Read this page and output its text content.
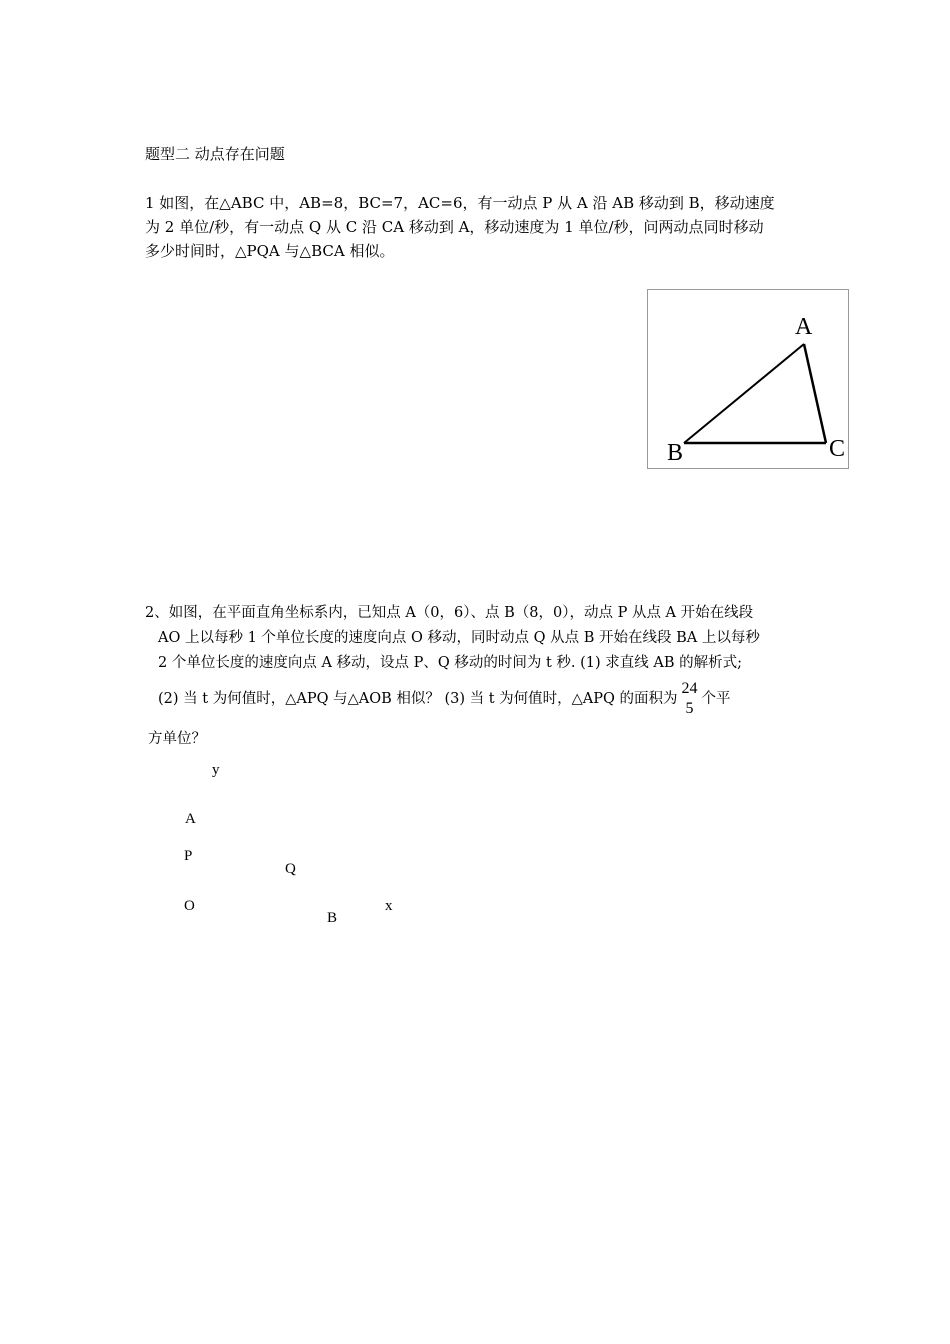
题型二 动点存在问题
1 如图，在△ABC 中，AB=8，BC=7，AC=6，有一动点 P 从 A 沿 AB 移动到 B，移动速度
为 2 单位/秒，有一动点 Q 从 C 沿 CA 移动到 A，移动速度为 1 单位/秒，问两动点同时移动
多少时间时，△PQA 与△BCA 相似。
A
B	C
2、如图，在平面直角坐标系内，已知点 A（0，6）、点 B（8，0），动点 P 从点 A 开始在线段
AO 上以每秒 1 个单位长度的速度向点 O 移动，同时动点 Q 从点 B 开始在线段 BA 上以每秒
2 个单位长度的速度向点 A 移动，设点 P、Q 移动的时间为 t 秒. (1) 求直线 AB 的解析式;
(2) 当 t 为何值时，△APQ 与△AOB 相似？ (3) 当 t 为何值时，△APQ 的面积为
24
5
个平
方单位？
y
A
P
Q
O
B
x
